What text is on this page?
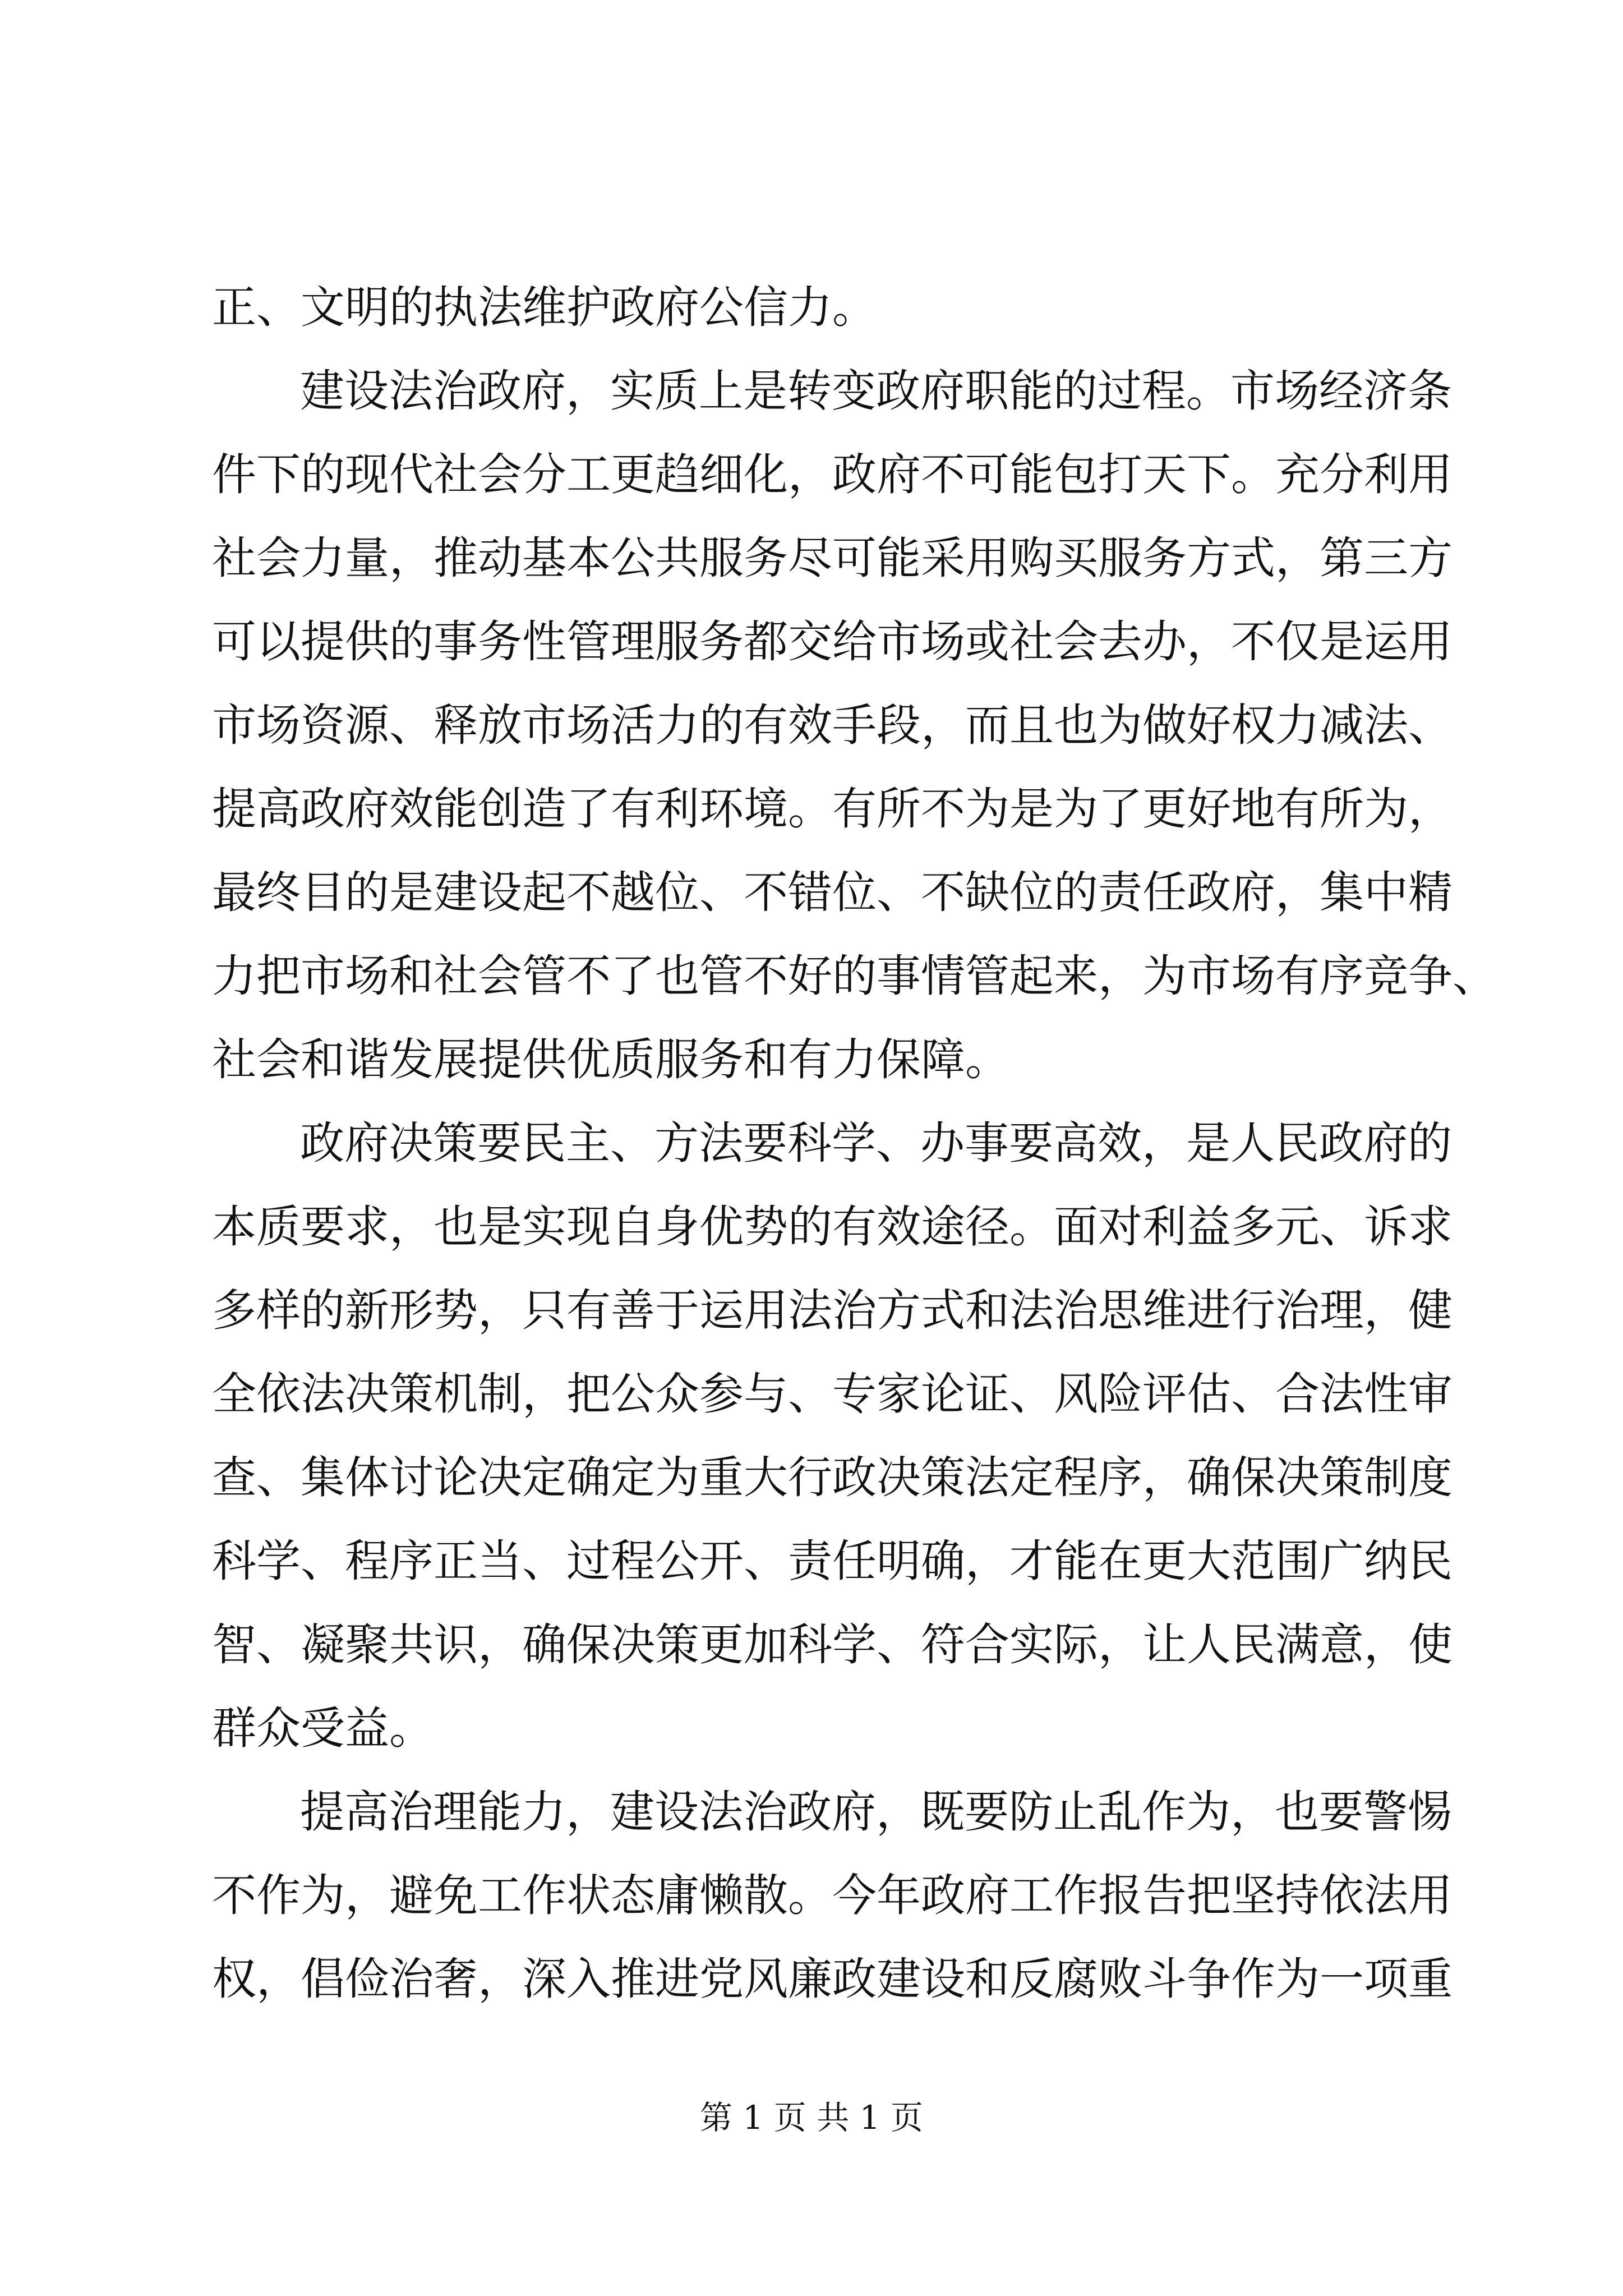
正、文明的执法维护政府公信力。
建设法治政府，实质上是转变政府职能的过程。市场经济条
件下的现代社会分工更趋细化，政府不可能包打天下。充分利用
社会力量，推动基本公共服务尽可能采用购买服务方式，第三方
可以提供的事务性管理服务都交给市场或社会去办，不仅是运用
市场资源、释放市场活力的有效手段，而且也为做好权力减法、
提高政府效能创造了有利环境。有所不为是为了更好地有所为，
最终目的是建设起不越位、不错位、不缺位的责任政府，集中精
力把市场和社会管不了也管不好的事情管起来，为市场有序竞争、
社会和谐发展提供优质服务和有力保障。
政府决策要民主、方法要科学、办事要高效，是人民政府的
本质要求，也是实现自身优势的有效途径。面对利益多元、诉求
多样的新形势，只有善于运用法治方式和法治思维进行治理，健
全依法决策机制，把公众参与、专家论证、风险评估、合法性审
查、集体讨论决定确定为重大行政决策法定程序，确保决策制度
科学、程序正当、过程公开、责任明确，才能在更大范围广纳民
智、凝聚共识，确保决策更加科学、符合实际，让人民满意，使
群众受益。
提高治理能力，建设法治政府，既要防止乱作为，也要警惕
不作为，避免工作状态庸懒散。今年政府工作报告把坚持依法用
权，倡俭治奢，深入推进党风廉政建设和反腐败斗争作为一项重
第 1 页 共 1 页
